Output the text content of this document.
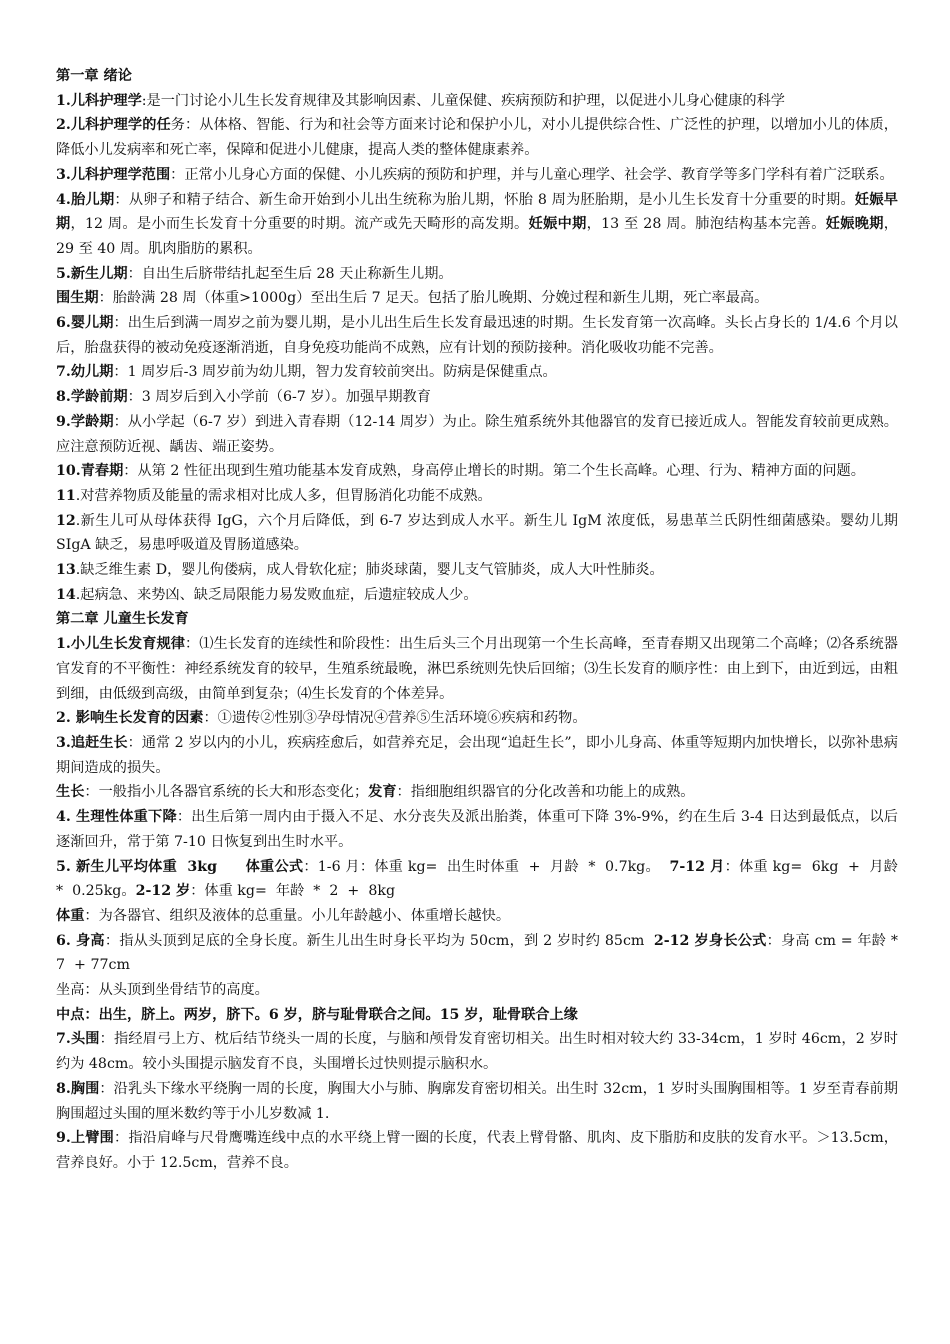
第一章 绪论

1.儿科护理学:是一门讨论小儿生长发育规律及其影响因素、儿童保健、疾病预防和护理，以促进小儿身心健康的科学

2.儿科护理学的任务：从体格、智能、行为和社会等方面来讨论和保护小儿，对小儿提供综合性、广泛性的护理，以增加小儿的体质，降低小儿发病率和死亡率，保障和促进小儿健康，提高人类的整体健康素养。

3.儿科护理学范围：正常小儿身心方面的保健、小儿疾病的预防和护理，并与儿童心理学、社会学、教育学等多门学科有着广泛联系。

4.胎儿期：从卵子和精子结合、新生命开始到小儿出生统称为胎儿期，怀胎 8 周为胚胎期，是小儿生长发育十分重要的时期。妊娠早期，12 周。是小而生长发育十分重要的时期。流产或先天畸形的高发期。妊娠中期，13 至 28 周。肺泡结构基本完善。妊娠晚期，29 至 40 周。肌肉脂肪的累积。

5.新生儿期：自出生后脐带结扎起至生后 28 天止称新生儿期。

围生期：胎龄满 28 周（体重>1000g）至出生后 7 足天。包括了胎儿晚期、分娩过程和新生儿期，死亡率最高。

6.婴儿期：出生后到满一周岁之前为婴儿期，是小儿出生后生长发育最迅速的时期。生长发育第一次高峰。头长占身长的 1/4.6 个月以后，胎盘获得的被动免疫逐渐消逝，自身免疫功能尚不成熟，应有计划的预防接种。消化吸收功能不完善。

7.幼儿期：1 周岁后-3 周岁前为幼儿期，智力发育较前突出。防病是保健重点。

8.学龄前期：3 周岁后到入小学前（6-7 岁）。加强早期教育

9.学龄期：从小学起（6-7 岁）到进入青春期（12-14 周岁）为止。除生殖系统外其他器官的发育已接近成人。智能发育较前更成熟。应注意预防近视、龋齿、端正姿势。

10.青春期：从第 2 性征出现到生殖功能基本发育成熟，身高停止增长的时期。第二个生长高峰。心理、行为、精神方面的问题。

11.对营养物质及能量的需求相对比成人多，但胃肠消化功能不成熟。

12.新生儿可从母体获得 IgG，六个月后降低，到 6-7 岁达到成人水平。新生儿 IgM 浓度低，易患革兰氏阴性细菌感染。婴幼儿期 SIgA 缺乏，易患呼吸道及胃肠道感染。

13.缺乏维生素 D，婴儿佝偻病，成人骨软化症；肺炎球菌，婴儿支气管肺炎，成人大叶性肺炎。

14.起病急、来势凶、缺乏局限能力易发败血症，后遗症较成人少。

第二章 儿童生长发育

1.小儿生长发育规律：⑴生长发育的连续性和阶段性：出生后头三个月出现第一个生长高峰，至青春期又出现第二个高峰；⑵各系统器官发育的不平衡性：神经系统发育的较早，生殖系统最晚，淋巴系统则先快后回缩；⑶生长发育的顺序性：由上到下，由近到远，由粗到细，由低级到高级，由简单到复杂；⑷生长发育的个体差异。

2. 影响生长发育的因素：①遗传②性别③孕母情况④营养⑤生活环境⑥疾病和药物。

3.追赶生长：通常 2 岁以内的小儿，疾病痊愈后，如营养充足，会出现“追赶生长”，即小儿身高、体重等短期内加快增长，以弥补患病期间造成的损失。

生长：一般指小儿各器官系统的长大和形态变化；发育：指细胞组织器官的分化改善和功能上的成熟。

4. 生理性体重下降：出生后第一周内由于摄入不足、水分丧失及派出胎粪，体重可下降 3%-9%，约在生后 3-4 日达到最低点，以后逐渐回升，常于第 7-10 日恢复到出生时水平。

5. 新生儿平均体重  3kg 体重公式：1-6 月：体重 kg=  出生时体重  +  月龄  *  0.7kg。  7-12 月：体重 kg=  6kg  +  月龄  *  0.25kg。2-12 岁：体重 kg=  年龄  *  2  +  8kg

体重：为各器官、组织及液体的总重量。小儿年龄越小、体重增长越快。

6. 身高：指从头顶到足底的全身长度。新生儿出生时身长平均为 50cm，到 2 岁时约 85cm  2-12 岁身长公式：身高 cm = 年龄 * 7  + 77cm

坐高：从头顶到坐骨结节的高度。

中点：出生，脐上。两岁，脐下。6 岁，脐与耻骨联合之间。15 岁，耻骨联合上缘

7.头围：指经眉弓上方、枕后结节绕头一周的长度，与脑和颅骨发育密切相关。出生时相对较大约 33-34cm，1 岁时 46cm，2 岁时约为 48cm。较小头围提示脑发育不良，头围增长过快则提示脑积水。

8.胸围：沿乳头下缘水平绕胸一周的长度，胸围大小与肺、胸廓发育密切相关。出生时 32cm，1 岁时头围胸围相等。1 岁至青春前期胸围超过头围的厘米数约等于小儿岁数减 1.

9.上臂围：指沿肩峰与尺骨鹰嘴连线中点的水平绕上臂一圈的长度，代表上臂骨骼、肌肉、皮下脂肪和皮肤的发育水平。＞13.5cm，营养良好。小于 12.5cm，营养不良。
